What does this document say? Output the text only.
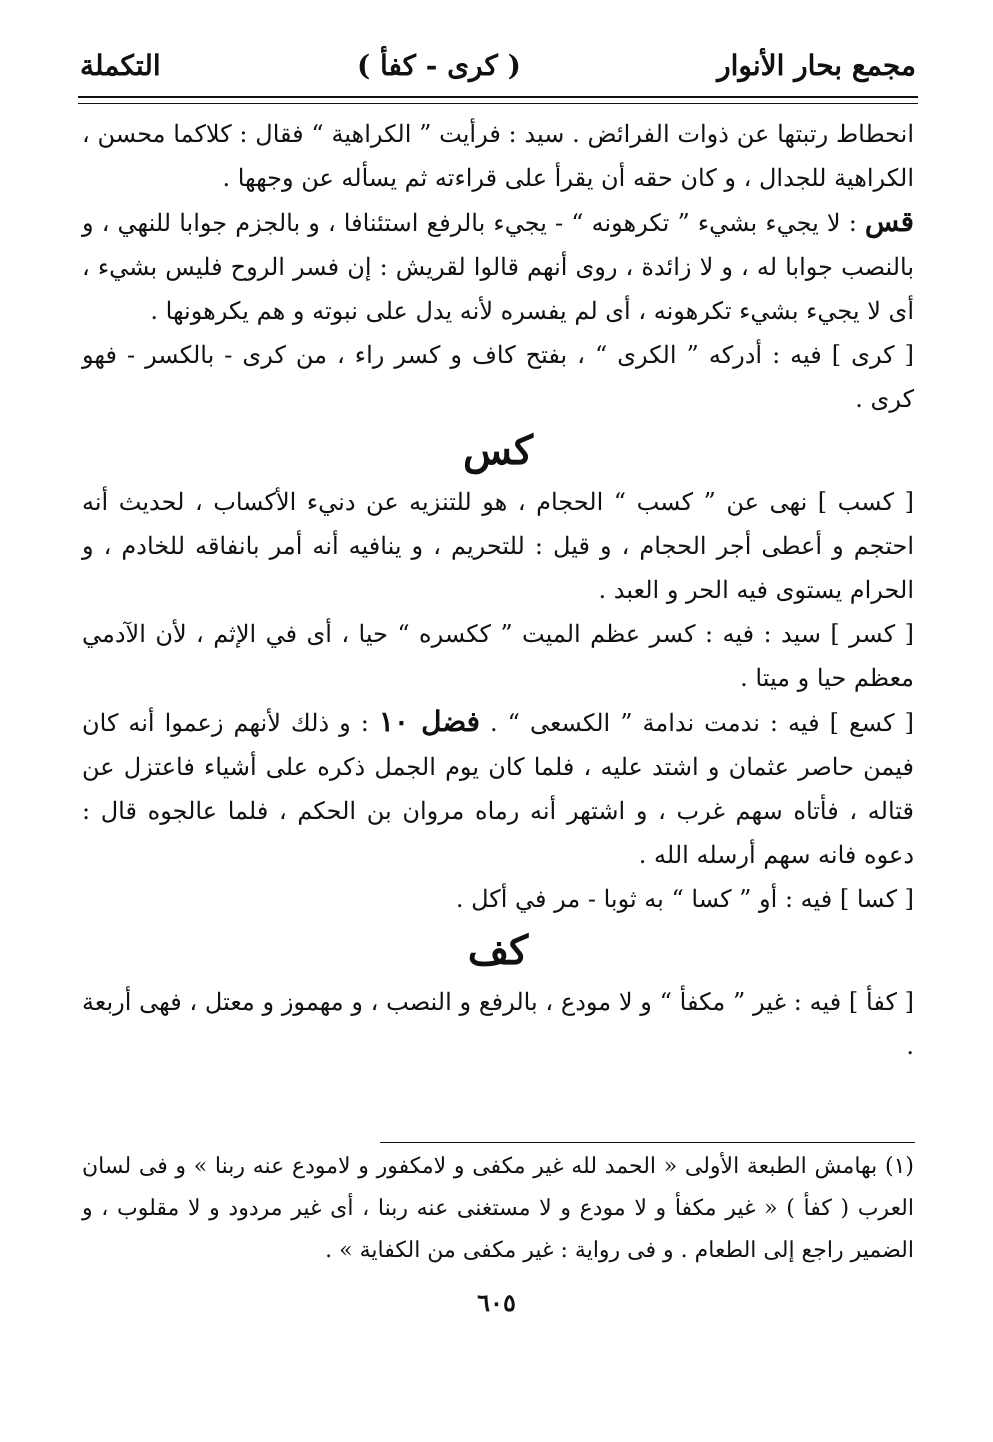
مجمع بحار الأنوار
( كرى - كفأ )
التكملة

انحطاط رتبتها عن ذوات الفرائض . سيد : فرأيت ” الكراهية “ فقال : كلاكما محسن ، الكراهية للجدال ، و كان حقه أن يقرأ على قراءته ثم يسأله عن وجهها .

قس : لا يجيء بشيء ” تكرهونه “ - يجيء بالرفع استئنافا ، و بالجزم جوابا للنهي ، و بالنصب جوابا له ، و لا زائدة ، روى أنهم قالوا لقريش : إن فسر الروح فليس بشيء ، أى لا يجيء بشيء تكرهونه ، أى لم يفسره لأنه يدل على نبوته و هم يكرهونها .

[ كرى ] فيه : أدركه ” الكرى “ ، بفتح كاف و كسر راء ، من كرى - بالكسر - فهو كرى .

كس

[ كسب ] نهى عن ” كسب “ الحجام ، هو للتنزيه عن دنيء الأكساب ، لحديث أنه احتجم و أعطى أجر الحجام ، و قيل : للتحريم ، و ينافيه أنه أمر بانفاقه للخادم ، و الحرام يستوى فيه الحر و العبد .

[ كسر ] سيد : فيه : كسر عظم الميت ” ككسره “ حيا ، أى في الإثم ، لأن الآدمي معظم حيا و ميتا .

[ كسع ] فيه : ندمت ندامة ” الكسعى “ . فضل ١٠ : و ذلك لأنهم زعموا أنه كان فيمن حاصر عثمان و اشتد عليه ، فلما كان يوم الجمل ذكره على أشياء فاعتزل عن قتاله ، فأتاه سهم غرب ، و اشتهر أنه رماه مروان بن الحكم ، فلما عالجوه قال : دعوه فانه سهم أرسله الله .

[ كسا ] فيه : أو ” كسا “ به ثوبا - مر في أكل .

كف

[ كفأ ] فيه : غير ” مكفأ “ و لا مودع ، بالرفع و النصب ، و مهموز و معتل ، فهى أربعة .

(١) بهامش الطبعة الأولى « الحمد لله غير مكفى و لامكفور و لامودع عنه ربنا » و فى لسان العرب ( كفأ ) « غير مكفأ و لا مودع و لا مستغنى عنه ربنا ، أى غير مردود و لا مقلوب ، و الضمير راجع إلى الطعام . و فى رواية : غير مكفى من الكفاية » .

٦٠٥
